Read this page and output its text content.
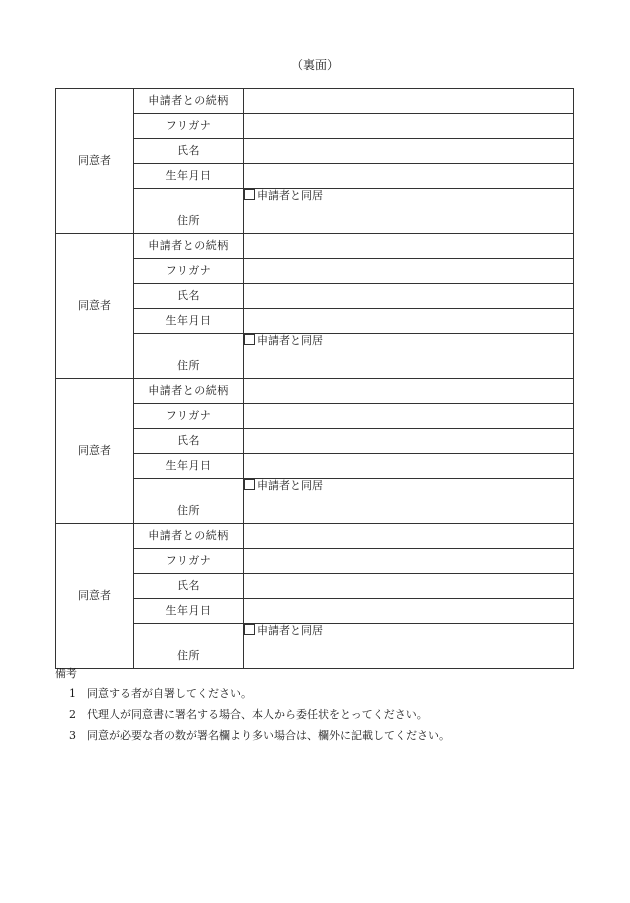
（裏面）
同意者	申請者との続柄	
	フリガナ	
	氏名	
	生年月日	
	住所	申請者と同居
同意者	申請者との続柄	
	フリガナ	
	氏名	
	生年月日	
	住所	申請者と同居
同意者	申請者との続柄	
	フリガナ	
	氏名	
	生年月日	
	住所	申請者と同居
同意者	申請者との続柄	
	フリガナ	
	氏名	
	生年月日	
	住所	申請者と同居
備考
1 同意する者が自署してください。
2 代理人が同意書に署名する場合、本人から委任状をとってください。
3 同意が必要な者の数が署名欄より多い場合は、欄外に記載してください。
